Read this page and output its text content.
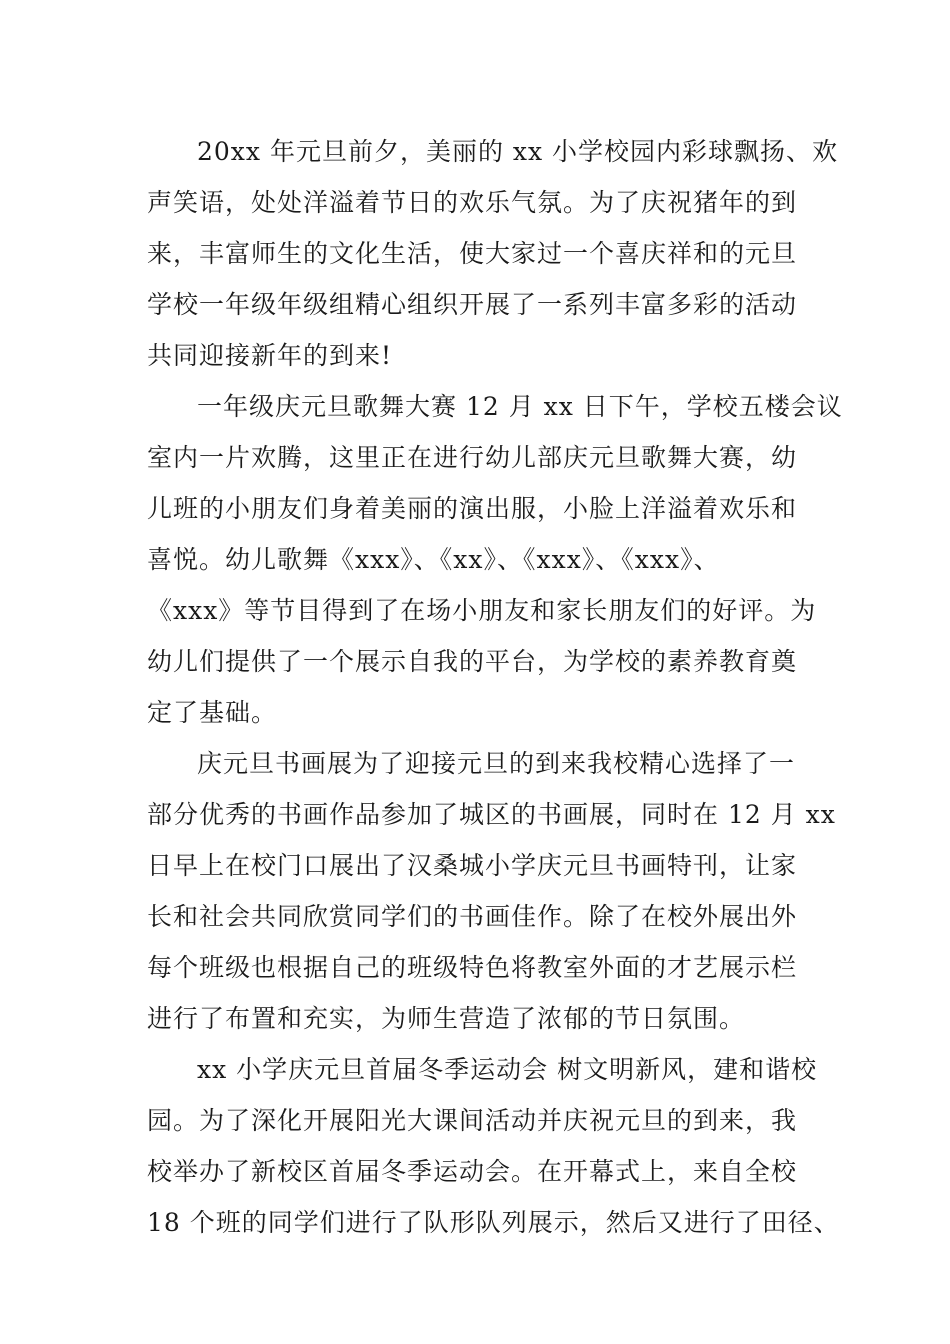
20xx 年元旦前夕，美丽的 xx 小学校园内彩球飘扬、欢
声笑语，处处洋溢着节日的欢乐气氛。为了庆祝猪年的到
来，丰富师生的文化生活，使大家过一个喜庆祥和的元旦
学校一年级年级组精心组织开展了一系列丰富多彩的活动
共同迎接新年的到来!
一年级庆元旦歌舞大赛 12 月 xx 日下午，学校五楼会议
室内一片欢腾，这里正在进行幼儿部庆元旦歌舞大赛，幼
儿班的小朋友们身着美丽的演出服，小脸上洋溢着欢乐和
喜悦。幼儿歌舞《xxx》、《xx》、《xxx》、《xxx》、
《xxx》等节目得到了在场小朋友和家长朋友们的好评。为
幼儿们提供了一个展示自我的平台，为学校的素养教育奠
定了基础。
庆元旦书画展为了迎接元旦的到来我校精心选择了一
部分优秀的书画作品参加了城区的书画展，同时在 12 月 xx
日早上在校门口展出了汉桑城小学庆元旦书画特刊，让家
长和社会共同欣赏同学们的书画佳作。除了在校外展出外
每个班级也根据自己的班级特色将教室外面的才艺展示栏
进行了布置和充实，为师生营造了浓郁的节日氛围。
xx 小学庆元旦首届冬季运动会 树文明新风，建和谐校
园。为了深化开展阳光大课间活动并庆祝元旦的到来，我
校举办了新校区首届冬季运动会。在开幕式上，来自全校
18 个班的同学们进行了队形队列展示，然后又进行了田径、
